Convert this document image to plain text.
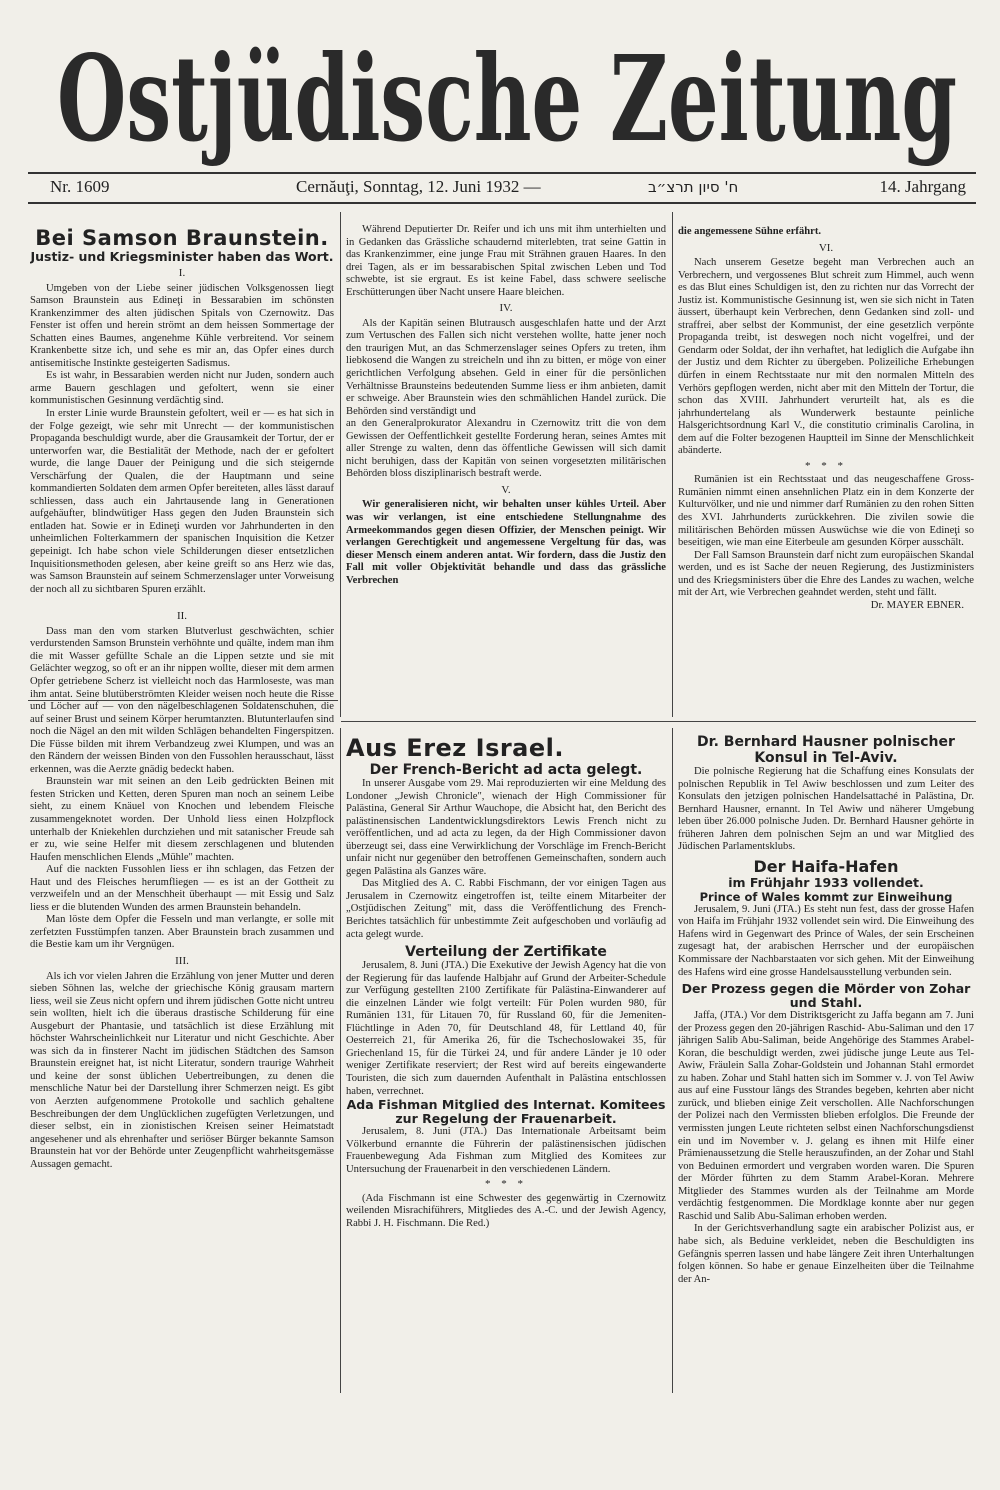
Ostjüdische Zeitung
Nr. 1609	Cernăuţi, Sonntag, 12. Juni 1932 —	ח' סיון תרצ״ב	14. Jahrgang
Bei Samson Braunstein.
Justiz- und Kriegsminister haben das Wort.
I.

Umgeben von der Liebe seiner jüdischen Volksgenossen liegt Samson Braunstein aus Edineţi in Bessarabien im schönsten Krankenzimmer des alten jüdischen Spitals von Czernowitz. Das Fenster ist offen und herein strömt an dem heissen Sommertage der Schatten eines Baumes, angenehme Kühle verbreitend. Vor seinem Krankenbette sitze ich, und sehe es mir an, das Opfer eines durch antisemitische Instinkte gesteigerten Sadismus.

Es ist wahr, in Bessarabien werden nicht nur Juden, sondern auch arme Bauern geschlagen und gefoltert, wenn sie einer kommunistischen Gesinnung verdächtig sind.

In erster Linie wurde Braunstein gefoltert, weil er — es hat sich in der Folge gezeigt, wie sehr mit Unrecht — der kommunistischen Propaganda beschuldigt wurde, aber die Grausamkeit der Tortur, der er unterworfen war, die Bestialität der Methode, nach der er gefoltert wurde, die lange Dauer der Peinigung und die sich steigernde Verschärfung der Qualen, die der Hauptmann und seine kommandierten Soldaten dem armen Opfer bereiteten, alles lässt darauf schliessen, dass auch ein Jahrtausende lang in Generationen aufgehäufter, blindwütiger Hass gegen den Juden Braunstein sich entladen hat. Sowie er in Edineţi wurden vor Jahrhunderten in den unheimlichen Folterkammern der spanischen Inquisition die Ketzer gepeinigt. Ich habe schon viele Schilderungen dieser entsetzlichen Inquisitionsmethoden gelesen, aber keine greift so ans Herz wie das, was Samson Braunstein auf seinem Schmerzenslager unter Vorweisung der noch all zu sichtbaren Spuren erzählt.

II.

Dass man den vom starken Blutverlust geschwächten, schier verdurstenden Samson Brunstein verhöhnte und quälte, indem man ihm die mit Wasser gefüllte Schale an die Lippen setzte und sie mit Gelächter wegzog, so oft er an ihr nippen wollte, dieser mit dem armen Opfer getriebene Scherz ist vielleicht noch das Harmloseste, was man ihm antat. Seine blutüberströmten Kleider weisen noch heute die Risse und Löcher auf — von den nägelbeschlagenen Soldatenschuhen, die auf seiner Brust und seinem Körper herumtanzten. Blutunterlaufen sind noch die Nägel an den mit wilden Schlägen behandelten Fingerspitzen. Die Füsse bilden mit ihrem Verbandzeug zwei Klumpen, und was an den Rändern der weissen Binden von den Fussohlen herausschaut, lässt erkennen, was die Aerzte gnädig bedeckt haben.

Braunstein war mit seinen an den Leib gedrückten Beinen mit festen Stricken und Ketten, deren Spuren man noch an seinem Leibe sieht, zu einem Knäuel von Knochen und lebendem Fleische zusammengeknotet worden. Der Unhold liess einen Holzpflock unterhalb der Kniekehlen durchziehen und mit satanischer Freude sah er zu, wie seine Helfer mit diesem zerschlagenen und blutenden Haufen menschlichen Elends „Mühle" machten.

Auf die nackten Fussohlen liess er ihn schlagen, das Fetzen der Haut und des Fleisches herumfliegen — es ist an der Gottheit zu verzweifeln und an der Menschheit überhaupt — mit Essig und Salz liess er die blutenden Wunden des armen Braunstein behandeln.

Man löste dem Opfer die Fesseln und man verlangte, er solle mit zerfetzten Fusstümpfen tanzen. Aber Braunstein brach zusammen und die Bestie kam um ihr Vergnügen.

III.

Als ich vor vielen Jahren die Erzählung von jener Mutter und deren sieben Söhnen las, welche der griechische König grausam martern liess, weil sie Zeus nicht opfern und ihrem jüdischen Gotte nicht untreu sein wollten, hielt ich die überaus drastische Schilderung für eine Ausgeburt der Phantasie, und tatsächlich ist diese Erzählung mit höchster Wahrscheinlichkeit nur Literatur und nicht Geschichte. Aber was sich da in finsterer Nacht im jüdischen Städtchen des Samson Braunstein ereignet hat, ist nicht Literatur, sondern traurige Wahrheit und keine der sonst üblichen Uebertreibungen, zu denen die menschliche Natur bei der Darstellung ihrer Schmerzen neigt. Es gibt von Aerzten aufgenommene Protokolle und sachlich gehaltene Beschreibungen der dem Unglücklichen zugefügten Verletzungen, und dieser selbst, ein in zionistischen Kreisen seiner Heimatstadt angesehener und als ehrenhafter und seriöser Bürger bekannte Samson Braunstein hat vor der Behörde unter Zeugenpflicht wahrheitsgemässe Aussagen gemacht.

Während Deputierter Dr. Reifer und ich uns mit ihm unterhielten und in Gedanken das Grässliche schaudernd miterlebten, trat seine Gattin in das Krankenzimmer, eine junge Frau mit Strähnen grauen Haares. In den drei Tagen, als er im bessarabischen Spital zwischen Leben und Tod schwebte, ist sie ergraut. Es ist keine Fabel, dass schwere seelische Erschütterungen über Nacht unsere Haare bleichen.

IV.

Als der Kapitän seinen Blutrausch ausgeschlafen hatte und der Arzt zum Vertuschen des Fallen sich nicht verstehen wollte, hatte jener noch den traurigen Mut, an das Schmerzenslager seines Opfers zu treten, ihm liebkosend die Wangen zu streicheln und ihn zu bitten, er möge von einer gerichtlichen Verfolgung absehen. Geld in einer für die persönlichen Verhältnisse Braunsteins bedeutenden Summe liess er ihm anbieten, damit er schweige. Aber Braunstein wies den schmählichen Handel zurück. Die Behörden sind verständigt und

an den Generalprokurator Alexandru in Czernowitz tritt die von dem Gewissen der Oeffentlichkeit gestellte Forderung heran, seines Amtes mit aller Strenge zu walten, denn das öffentliche Gewissen will sich damit nicht beruhigen, dass der Kapitän von seinen vorgesetzten militärischen Behörden bloss disziplinarisch bestraft werde.

V.

Wir generalisieren nicht, wir behalten unser kühles Urteil. Aber was wir verlangen, ist eine entschiedene Stellungnahme des Armeekommandos gegen diesen Offizier, der Menschen peinigt. Wir verlangen Gerechtigkeit und angemessene Vergeltung für das, was dieser Mensch einem anderen antat. Wir fordern, dass die Justiz den Fall mit voller Objektivität behandle und dass das grässliche Verbrechen

die angemessene Sühne erfährt.

VI.

Nach unserem Gesetze begeht man Verbrechen auch an Verbrechern, und vergossenes Blut schreit zum Himmel, auch wenn es das Blut eines Schuldigen ist, den zu richten nur das Vorrecht der Justiz ist. Kommunistische Gesinnung ist, wen sie sich nicht in Taten äussert, überhaupt kein Verbrechen, denn Gedanken sind zoll- und straffrei, aber selbst der Kommunist, der eine gesetzlich verpönte Propaganda treibt, ist deswegen noch nicht vogelfrei, und der Gendarm oder Soldat, der ihn verhaftet, hat lediglich die Aufgabe ihn der Justiz und dem Richter zu übergeben. Polizeiliche Erhebungen dürfen in einem Rechtsstaate nur mit den normalen Mitteln des Verhörs gepflogen werden, nicht aber mit den Mitteln der Tortur, die schon das XVIII. Jahrhundert verurteilt hat, als es die jahrhundertelang als Wunderwerk bestaunte peinliche Halsgerichtsordnung Karl V., die constitutio criminalis Carolina, in dem auf die Folter bezogenen Hauptteil im Sinne der Menschlichkeit abänderte.

* * *

Rumänien ist ein Rechtsstaat und das neugeschaffene Gross-Rumänien nimmt einen ansehnlichen Platz ein in dem Konzerte der Kulturvölker, und nie und nimmer darf Rumänien zu den rohen Sitten des XVI. Jahrhunderts zurückkehren. Die zivilen sowie die militärischen Behörden müssen Auswüchse wie die von Edineţi so beseitigen, wie man eine Eiterbeule am gesunden Körper ausschält.

Der Fall Samson Braunstein darf nicht zum europäischen Skandal werden, und es ist Sache der neuen Regierung, des Justizministers und des Kriegsministers über die Ehre des Landes zu wachen, welche mit der Art, wie Verbrechen geahndet werden, steht und fällt.

Dr. MAYER EBNER.
Aus Erez Israel.
Der French-Bericht ad acta gelegt.

In unserer Ausgabe vom 29. Mai reproduzierten wir eine Meldung des Londoner „Jewish Chronicle", wienach der High Commissioner für Palästina, General Sir Arthur Wauchope, die Absicht hat, den Bericht des palästinensischen Landentwicklungsdirektors Lewis French nicht zu veröffentlichen, und ad acta zu legen, da der High Commissioner davon überzeugt sei, dass eine Verwirklichung der Vorschläge im French-Bericht unfair nicht nur gegenüber den betroffenen Gemeinschaften, sondern auch gegen Palästina als Ganzes wäre.

Das Mitglied des A. C. Rabbi Fischmann, der vor einigen Tagen aus Jerusalem in Czernowitz eingetroffen ist, teilte einem Mitarbeiter der „Ostjüdischen Zeitung" mit, dass die Veröffentlichung des French-Berichtes tatsächlich für unbestimmte Zeit aufgeschoben und vorläufig ad acta gelegt wurde.

Verteilung der Zertifikate

Jerusalem, 8. Juni (JTA.) Die Exekutive der Jewish Agency hat die von der Regierung für das laufende Halbjahr auf Grund der Arbeiter-Schedule zur Verfügung gestellten 2100 Zertifikate für Palästina-Einwanderer auf die einzelnen Länder wie folgt verteilt: Für Polen wurden 980, für Rumänien 131, für Litauen 70, für Russland 60, für die Jemeniten-Flüchtlinge in Aden 70, für Deutschland 48, für Lettland 40, für Oesterreich 21, für Amerika 26, für die Tschechoslowakei 35, für Griechenland 15, für die Türkei 24, und für andere Länder je 10 oder weniger Zertifikate reserviert; der Rest wird auf bereits eingewanderte Touristen, die sich zum dauernden Aufenthalt in Palästina entschlossen haben, verrechnet.

Ada Fishman Mitglied des Internat. Komitees zur Regelung der Frauenarbeit.

Jerusalem, 8. Juni (JTA.) Das Internationale Arbeitsamt beim Völkerbund ernannte die Führerin der palästinensischen jüdischen Frauenbewegung Ada Fishman zum Mitglied des Komitees zur Untersuchung der Frauenarbeit in den verschiedenen Ländern.

* * *

(Ada Fischmann ist eine Schwester des gegenwärtig in Czernowitz weilenden Misrachiführers, Mitgliedes des A.-C. und der Jewish Agency, Rabbi J. H. Fischmann. Die Red.)

Dr. Bernhard Hausner polnischer Konsul in Tel-Aviv.

Die polnische Regierung hat die Schaffung eines Konsulats der polnischen Republik in Tel Awiw beschlossen und zum Leiter des Konsulats den jetzigen polnischen Handelsattaché in Palästina, Dr. Bernhard Hausner, ernannt. In Tel Awiw und näherer Umgebung leben über 26.000 polnische Juden. Dr. Bernhard Hausner gehörte in früheren Jahren dem polnischen Sejm an und war Mitglied des Jüdischen Parlamentsklubs.

Der Haifa-Hafen
im Frühjahr 1933 vollendet.
Prince of Wales kommt zur Einweihung

Jerusalem, 9. Juni (JTA.) Es steht nun fest, dass der grosse Hafen von Haifa im Frühjahr 1932 vollendet sein wird. Die Einweihung des Hafens wird in Gegenwart des Prince of Wales, der sein Erscheinen zugesagt hat, der arabischen Herrscher und der europäischen Kommissare der Nachbarstaaten vor sich gehen. Mit der Einweihung des Hafens wird eine grosse Handelsausstellung verbunden sein.

Der Prozess gegen die Mörder von Zohar und Stahl.

Jaffa, (JTA.) Vor dem Distriktsgericht zu Jaffa begann am 7. Juni der Prozess gegen den 20-jährigen Raschid- Abu-Saliman und den 17 jährigen Salib Abu-Saliman, beide Angehörige des Stammes Arabel-Koran, die beschuldigt werden, zwei jüdische junge Leute aus Tel-Awiw, Fräulein Salla Zohar-Goldstein und Johannan Stahl ermordet zu haben. Zohar und Stahl hatten sich im Sommer v. J. von Tel Awiw aus auf eine Fusstour längs des Strandes begeben, kehrten aber nicht zurück, und blieben einige Zeit verschollen. Alle Nachforschungen der Polizei nach den Vermissten blieben erfolglos. Die Freunde der vermissten jungen Leute richteten selbst einen Nachforschungsdienst ein und im November v. J. gelang es ihnen mit Hilfe einer Prämienaussetzung die Stelle herauszufinden, an der Zohar und Stahl von Beduinen ermordert und vergraben worden waren. Die Spuren der Mörder führten zu dem Stamm Arabel-Koran. Mehrere Mitglieder des Stammes wurden als der Teilnahme am Morde verdächtig festgenommen. Die Mordklage konnte aber nur gegen Raschid und Salib Abu-Saliman erhoben werden.

In der Gerichtsverhandlung sagte ein arabischer Polizist aus, er habe sich, als Beduine verkleidet, neben die Beschuldigten ins Gefängnis sperren lassen und habe längere Zeit ihren Unterhaltungen folgen können. So habe er genaue Einzelheiten über die Teilnahme der An-
